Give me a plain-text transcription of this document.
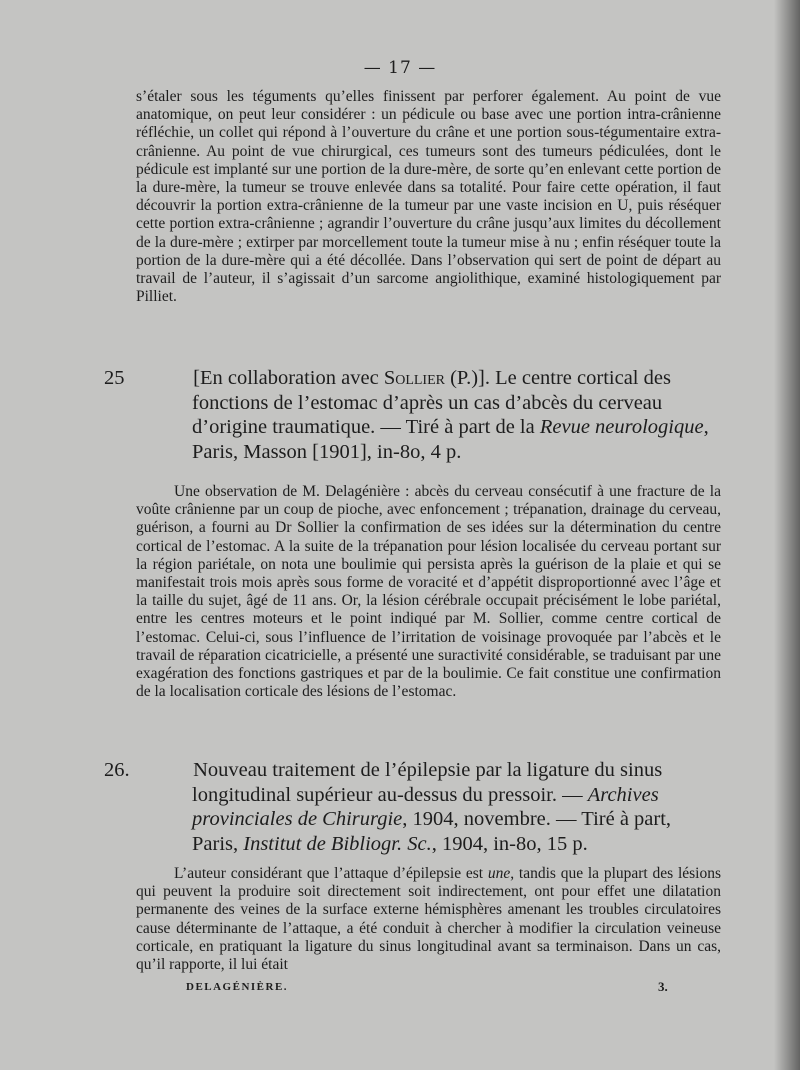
— 17 —
s’étaler sous les téguments qu’elles finissent par perforer également. Au point de vue anatomique, on peut leur considérer : un pédicule ou base avec une portion intra-crânienne réfléchie, un collet qui répond à l’ouverture du crâne et une portion sous-tégumentaire extra-crânienne. Au point de vue chirurgical, ces tumeurs sont des tumeurs pédiculées, dont le pédicule est implanté sur une portion de la dure-mère, de sorte qu’en enlevant cette portion de la dure-mère, la tumeur se trouve enlevée dans sa totalité. Pour faire cette opération, il faut découvrir la portion extra-crânienne de la tumeur par une vaste incision en U, puis réséquer cette portion extra-crânienne ; agrandir l’ouverture du crâne jusqu’aux limites du décollement de la dure-mère ; extirper par morcellement toute la tumeur mise à nu ; enfin réséquer toute la portion de la dure-mère qui a été décollée. Dans l’observation qui sert de point de départ au travail de l’auteur, il s’agissait d’un sarcome angiolithique, examiné histologiquement par Pilliet.
25	[En collaboration avec Sollier (P.)]. Le centre cortical des fonctions de l’estomac d’après un cas d’abcès du cerveau d’origine traumatique. — Tiré à part de la Revue neurologique, Paris, Masson [1901], in-8o, 4 p.
Une observation de M. Delagénière : abcès du cerveau consécutif à une fracture de la voûte crânienne par un coup de pioche, avec enfoncement ; trépanation, drainage du cerveau, guérison, a fourni au Dr Sollier la confirmation de ses idées sur la détermination du centre cortical de l’estomac. A la suite de la trépanation pour lésion localisée du cerveau portant sur la région pariétale, on nota une boulimie qui persista après la guérison de la plaie et qui se manifestait trois mois après sous forme de voracité et d’appétit disproportionné avec l’âge et la taille du sujet, âgé de 11 ans. Or, la lésion cérébrale occupait précisément le lobe pariétal, entre les centres moteurs et le point indiqué par M. Sollier, comme centre cortical de l’estomac. Celui-ci, sous l’influence de l’irritation de voisinage provoquée par l’abcès et le travail de réparation cicatricielle, a présenté une suractivité considérable, se traduisant par une exagération des fonctions gastriques et par de la boulimie. Ce fait constitue une confirmation de la localisation corticale des lésions de l’estomac.
26.	Nouveau traitement de l’épilepsie par la ligature du sinus longitudinal supérieur au-dessus du pressoir. — Archives provinciales de Chirurgie, 1904, novembre. — Tiré à part, Paris, Institut de Bibliogr. Sc., 1904, in-8o, 15 p.
L’auteur considérant que l’attaque d’épilepsie est une, tandis que la plupart des lésions qui peuvent la produire soit directement soit indirectement, ont pour effet une dilatation permanente des veines de la surface externe hémisphères amenant les troubles circulatoires cause déterminante de l’attaque, a été conduit à chercher à modifier la circulation veineuse corticale, en pratiquant la ligature du sinus longitudinal avant sa terminaison. Dans un cas, qu’il rapporte, il lui était
DELAGÉNIÈRE.	3.
